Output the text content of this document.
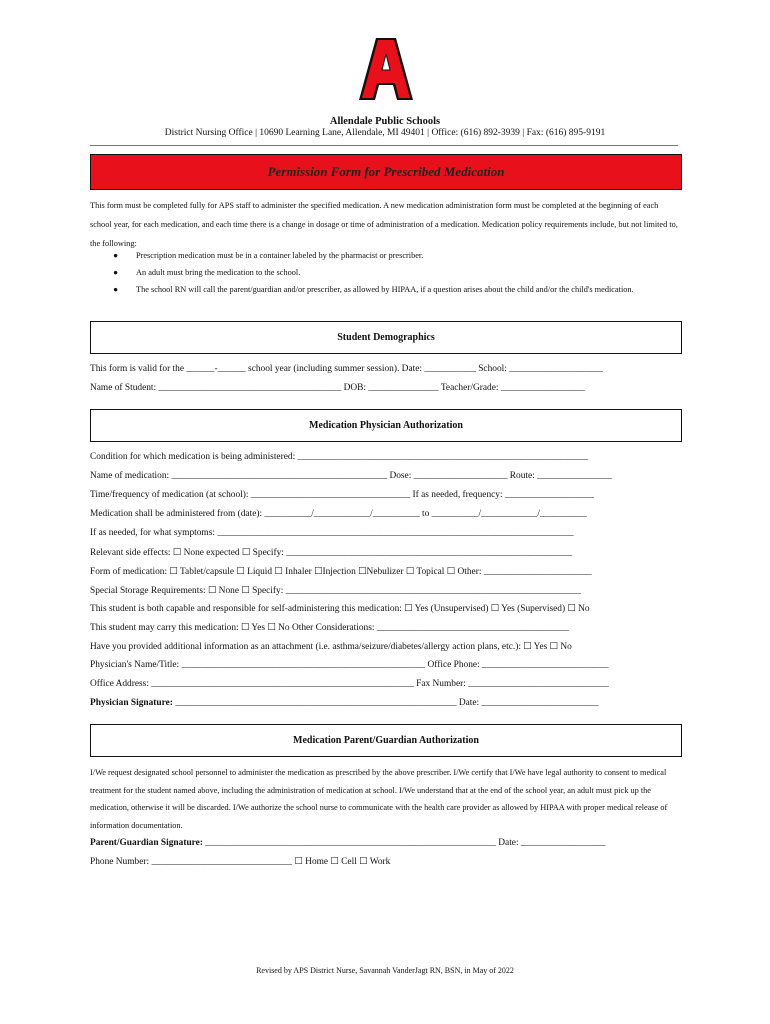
Allendale Public Schools
District Nursing Office | 10690 Learning Lane, Allendale, MI 49401 | Office: (616) 892-3939 | Fax: (616) 895-9191
Permission Form for Prescribed Medication
This form must be completed fully for APS staff to administer the specified medication. A new medication administration form must be completed at the beginning of each school year, for each medication, and each time there is a change in dosage or time of administration of a medication. Medication policy requirements include, but not limited to, the following:
● Prescription medication must be in a container labeled by the pharmacist or prescriber.
● An adult must bring the medication to the school.
● The school RN will call the parent/guardian and/or prescriber, as allowed by HIPAA, if a question arises about the child and/or the child's medication.
Student Demographics
This form is valid for the ______-______ school year (including summer session). Date: ___________ School: ____________________
Name of Student: _______________________________________ DOB: _______________ Teacher/Grade: __________________
Medication Physician Authorization
Condition for which medication is being administered: ______________________________________________________________
Name of medication: ______________________________________________ Dose: ____________________ Route: ________________
Time/frequency of medication (at school): __________________________________ If as needed, frequency: ___________________
Medication shall be administered from (date): __________/____________/__________ to __________/____________/__________
If as needed, for what symptoms: ____________________________________________________________________________
Relevant side effects: ☐ None expected ☐ Specify: _____________________________________________________________
Form of medication: ☐ Tablet/capsule ☐ Liquid ☐ Inhaler ☐Injection ☐Nebulizer ☐ Topical ☐ Other: _______________________
Special Storage Requirements: ☐ None ☐ Specify: _______________________________________________________________
This student is both capable and responsible for self-administering this medication: ☐ Yes (Unsupervised) ☐ Yes (Supervised) ☐ No
This student may carry this medication: ☐ Yes ☐ No Other Considerations: _________________________________________
Have you provided additional information as an attachment (i.e. asthma/seizure/diabetes/allergy action plans, etc.): ☐ Yes ☐ No
Physician's Name/Title: ____________________________________________________ Office Phone: ___________________________
Office Address: ________________________________________________________ Fax Number: ______________________________
Physician Signature: ____________________________________________________________ Date: _________________________
Medication Parent/Guardian Authorization
I/We request designated school personnel to administer the medication as prescribed by the above prescriber. I/We certify that I/We have legal authority to consent to medical treatment for the student named above, including the administration of medication at school. I/We understand that at the end of the school year, an adult must pick up the medication, otherwise it will be discarded. I/We authorize the school nurse to communicate with the health care provider as allowed by HIPAA with proper medical release of information documentation.
Parent/Guardian Signature: ______________________________________________________________ Date: __________________
Phone Number: ______________________________ ☐ Home ☐ Cell ☐ Work
Revised by APS District Nurse, Savannah VanderJagt RN, BSN, in May of 2022
